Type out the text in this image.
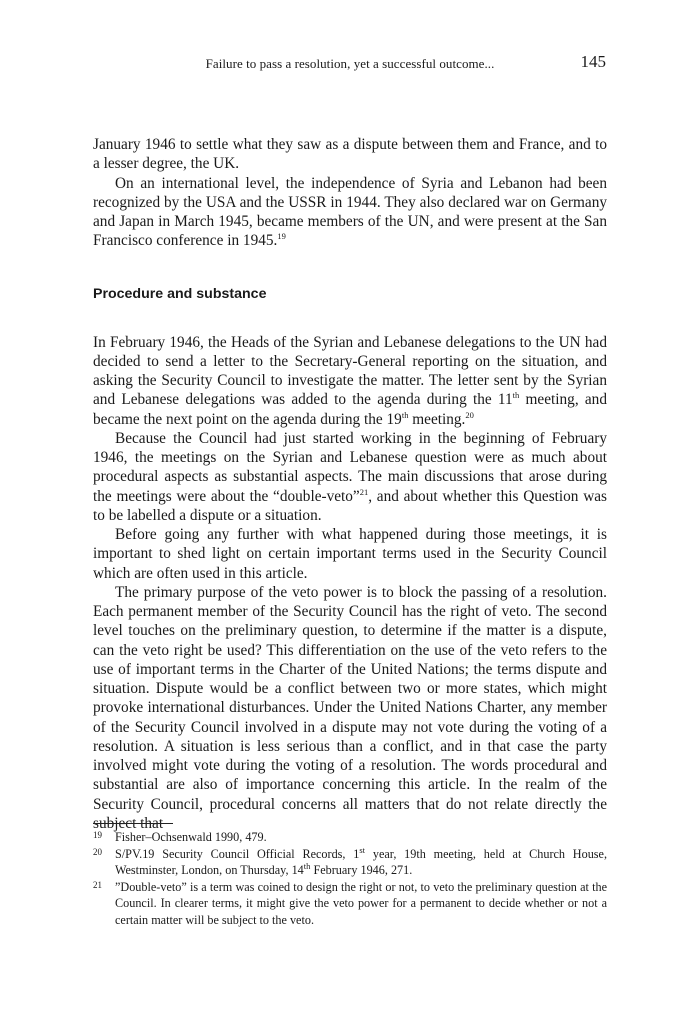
Failure to pass a resolution, yet a successful outcome...	145

January 1946 to settle what they saw as a dispute between them and France, and to a lesser degree, the UK.

On an international level, the independence of Syria and Lebanon had been recognized by the USA and the USSR in 1944. They also declared war on Germany and Japan in March 1945, became members of the UN, and were present at the San Francisco conference in 1945.19

Procedure and substance

In February 1946, the Heads of the Syrian and Lebanese delegations to the UN had decided to send a letter to the Secretary-General reporting on the situation, and asking the Security Council to investigate the matter. The letter sent by the Syrian and Lebanese delegations was added to the agenda during the 11th meeting, and became the next point on the agenda during the 19th meeting.$^{20}$

Because the Council had just started working in the beginning of February 1946, the meetings on the Syrian and Lebanese question were as much about procedural aspects as substantial aspects. The main discussions that arose during the meetings were about the “double-veto”$^{21}$, and about whether this Question was to be labelled a dispute or a situation.

Before going any further with what happened during those meetings, it is important to shed light on certain important terms used in the Security Council which are often used in this article.

The primary purpose of the veto power is to block the passing of a resolution. Each permanent member of the Security Council has the right of veto. The second level touches on the preliminary question, to determine if the matter is a dispute, can the veto right be used? This differentiation on the use of the veto refers to the use of important terms in the Charter of the United Nations; the terms dispute and situation. Dispute would be a conflict between two or more states, which might provoke international disturbances. Under the United Nations Charter, any member of the Security Council involved in a dispute may not vote during the voting of a resolution. A situation is less serious than a conflict, and in that case the party involved might vote during the voting of a resolution. The words procedural and substantial are also of importance concerning this article. In the realm of the Security Council, procedural concerns all matters that do not relate directly the subject that

19 Fisher–Ochsenwald 1990, 479.
20 S/PV.19 Security Council Official Records, 1st year, 19th meeting, held at Church House, Westminster, London, on Thursday, 14th February 1946, 271.
21 ”Double-veto” is a term was coined to design the right or not, to veto the preliminary question at the Council. In clearer terms, it might give the veto power for a permanent to decide whether or not a certain matter will be subject to the veto.
